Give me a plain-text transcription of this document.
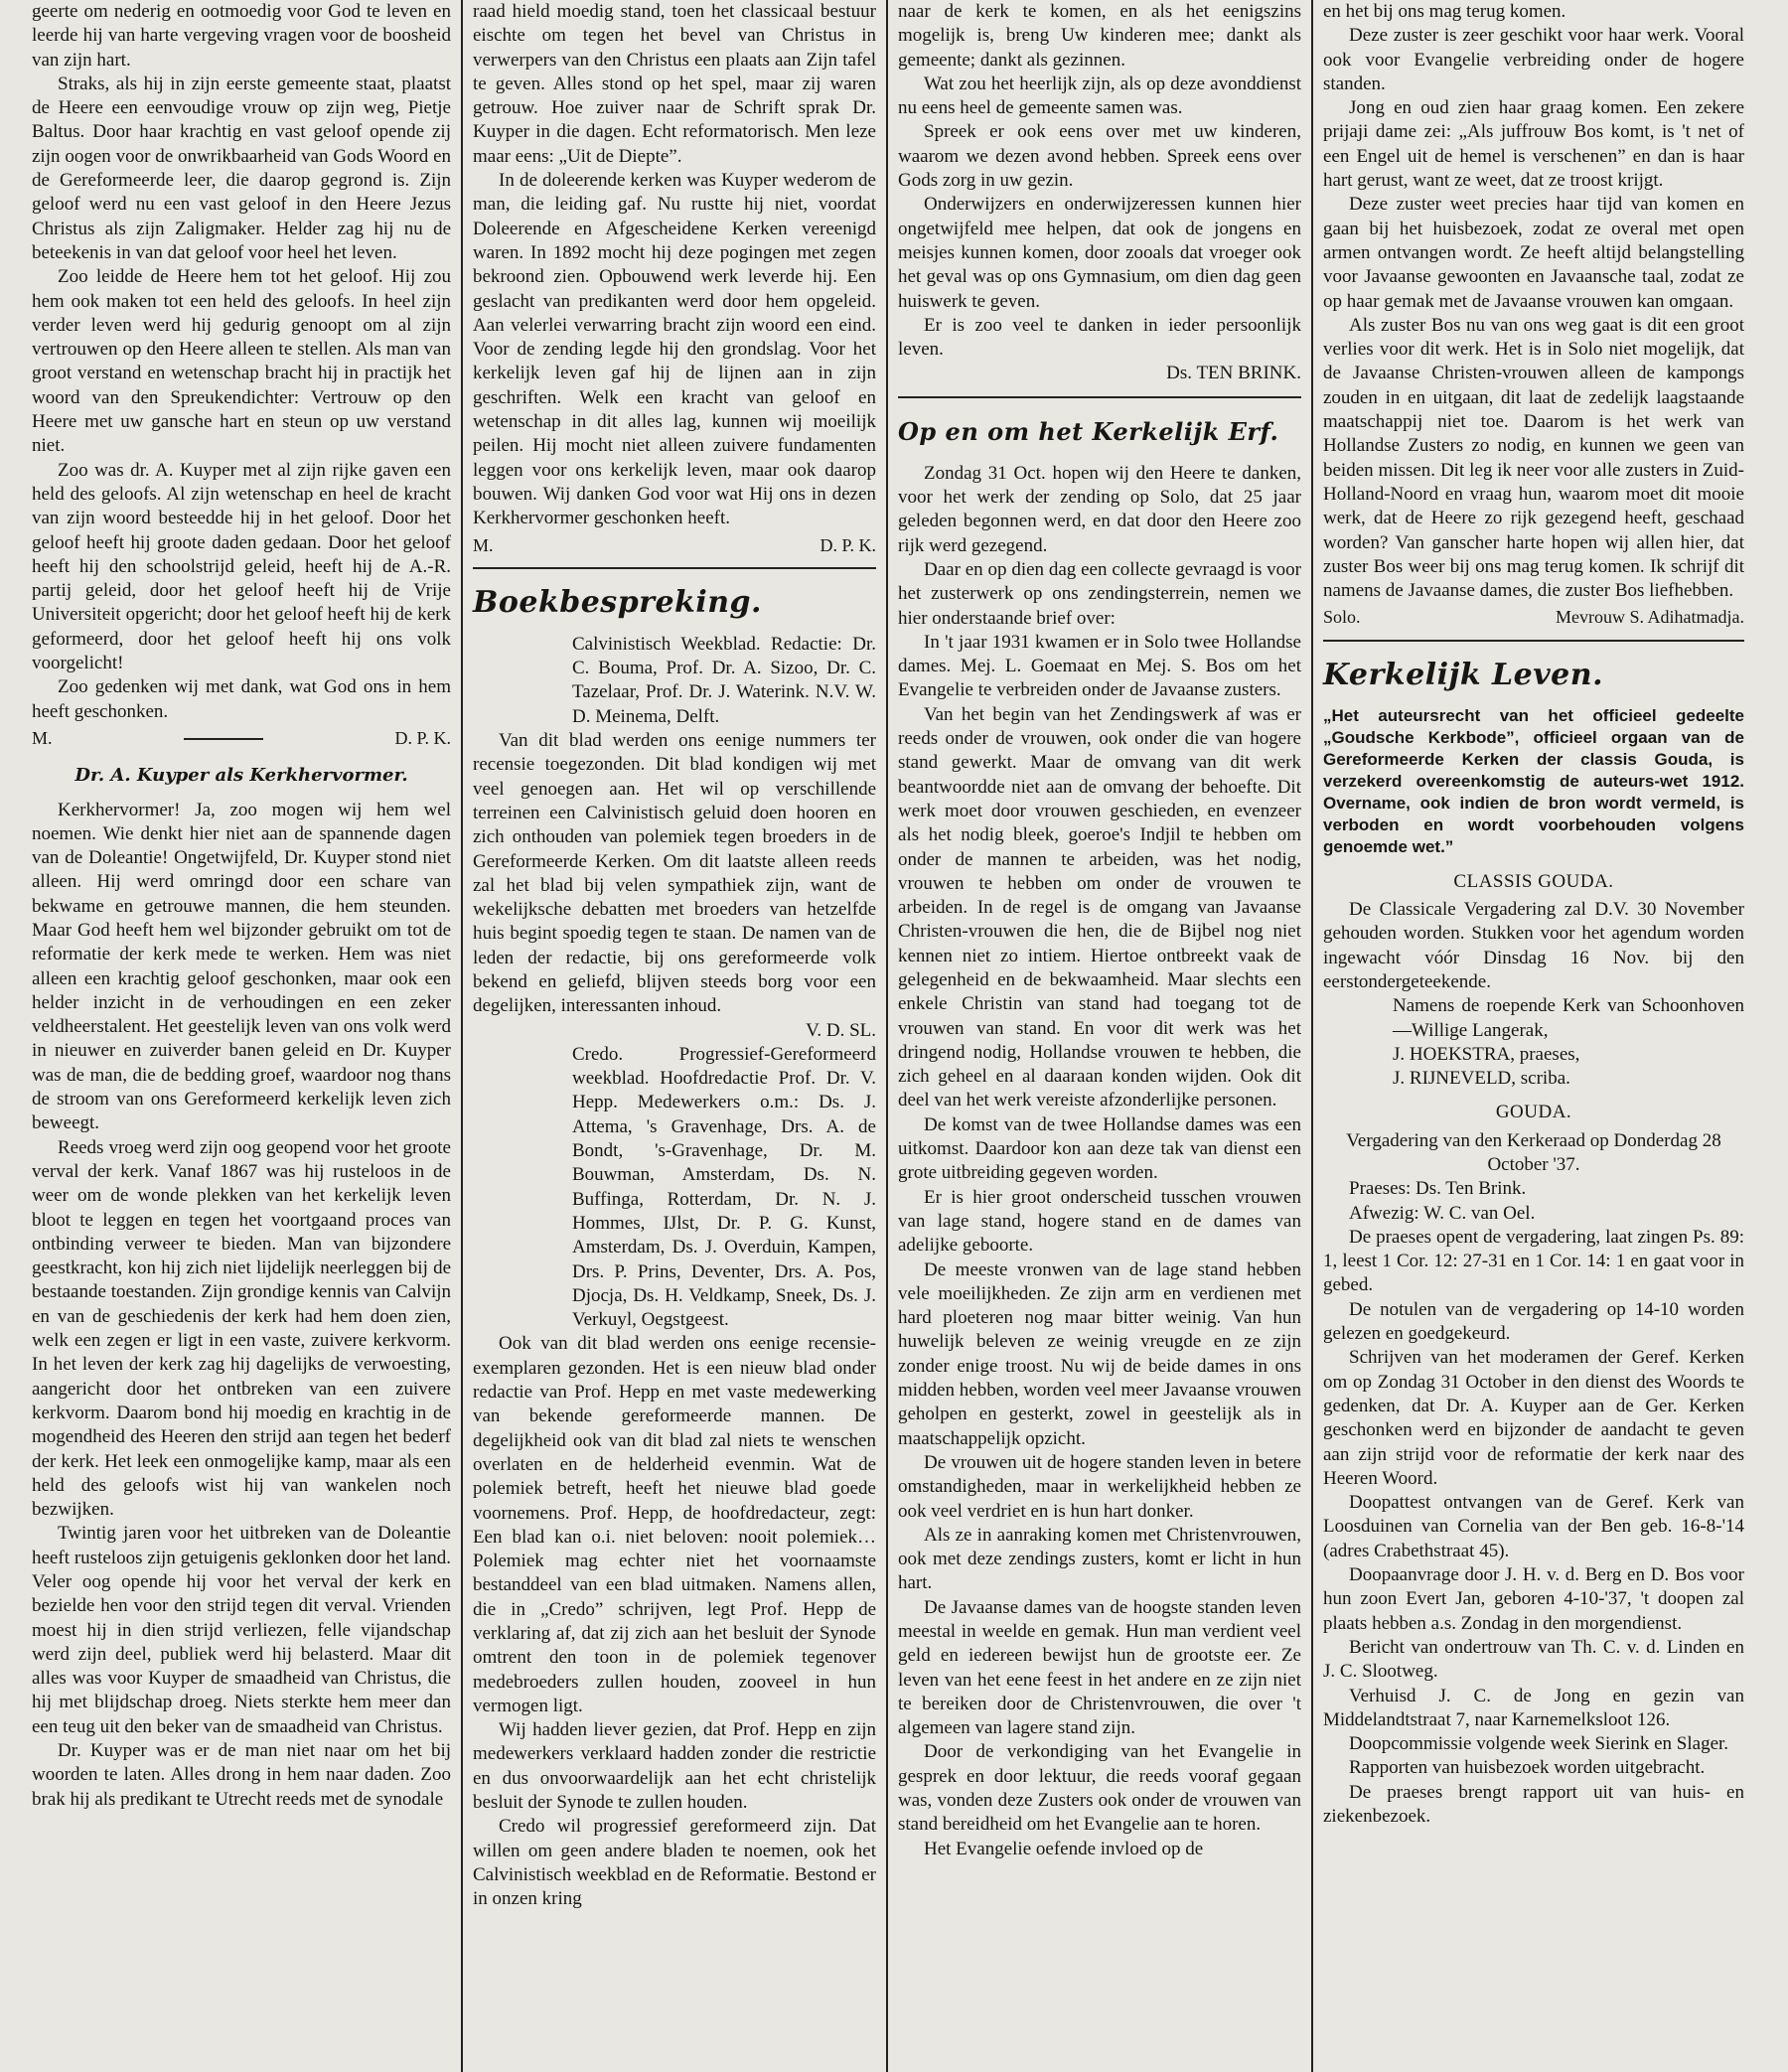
geerte om nederig en ootmoedig voor God te leven en leerde hij van harte vergeving vragen voor de boosheid van zijn hart.

Straks, als hij in zijn eerste gemeente staat, plaatst de Heere een eenvoudige vrouw op zijn weg, Pietje Baltus. Door haar krachtig en vast geloof opende zij zijn oogen voor de onwrikbaarheid van Gods Woord en de Gereformeerde leer, die daarop gegrond is. Zijn geloof werd nu een vast geloof in den Heere Jezus Christus als zijn Zaligmaker. Helder zag hij nu de beteekenis in van dat geloof voor heel het leven.

Zoo leidde de Heere hem tot het geloof. Hij zou hem ook maken tot een held des geloofs. In heel zijn verder leven werd hij gedurig genoopt om al zijn vertrouwen op den Heere alleen te stellen. Als man van groot verstand en wetenschap bracht hij in practijk het woord van den Spreukendichter: Vertrouw op den Heere met uw gansche hart en steun op uw verstand niet.

Zoo was dr. A. Kuyper met al zijn rijke gaven een held des geloofs. Al zijn wetenschap en heel de kracht van zijn woord besteedde hij in het geloof. Door het geloof heeft hij groote daden gedaan. Door het geloof heeft hij den schoolstrijd geleid, heeft hij de A.-R. partij geleid, door het geloof heeft hij de Vrije Universiteit opgericht; door het geloof heeft hij de kerk geformeerd, door het geloof heeft hij ons volk voorgelicht!

Zoo gedenken wij met dank, wat God ons in hem heeft geschonken.

M.	D. P. K.
Dr. A. Kuyper als Kerkhervormer.

Kerkhervormer! Ja, zoo mogen wij hem wel noemen. Wie denkt hier niet aan de spannende dagen van de Doleantie! Ongetwijfeld, Dr. Kuyper stond niet alleen. Hij werd omringd door een schare van bekwame en getrouwe mannen, die hem steunden. Maar God heeft hem wel bijzonder gebruikt om tot de reformatie der kerk mede te werken. Hem was niet alleen een krachtig geloof geschonken, maar ook een helder inzicht in de verhoudingen en een zeker veldheerstalent. Het geestelijk leven van ons volk werd in nieuwer en zuiverder banen geleid en Dr. Kuyper was de man, die de bedding groef, waardoor nog thans de stroom van ons Gereformeerd kerkelijk leven zich beweegt.

Reeds vroeg werd zijn oog geopend voor het groote verval der kerk. Vanaf 1867 was hij rusteloos in de weer om de wonde plekken van het kerkelijk leven bloot te leggen en tegen het voortgaand proces van ontbinding verweer te bieden. Man van bijzondere geestkracht, kon hij zich niet lijdelijk neerleggen bij de bestaande toestanden. Zijn grondige kennis van Calvijn en van de geschiedenis der kerk had hem doen zien, welk een zegen er ligt in een vaste, zuivere kerkvorm. In het leven der kerk zag hij dagelijks de verwoesting, aangericht door het ontbreken van een zuivere kerkvorm. Daarom bond hij moedig en krachtig in de mogendheid des Heeren den strijd aan tegen het bederf der kerk. Het leek een onmogelijke kamp, maar als een held des geloofs wist hij van wankelen noch bezwijken.

Twintig jaren voor het uitbreken van de Doleantie heeft rusteloos zijn getuigenis geklonken door het land. Veler oog opende hij voor het verval der kerk en bezielde hen voor den strijd tegen dit verval. Vrienden moest hij in dien strijd verliezen, felle vijandschap werd zijn deel, publiek werd hij belasterd. Maar dit alles was voor Kuyper de smaadheid van Christus, die hij met blijdschap droeg. Niets sterkte hem meer dan een teug uit den beker van de smaadheid van Christus.

Dr. Kuyper was er de man niet naar om het bij woorden te laten. Alles drong in hem naar daden. Zoo brak hij als predikant te Utrecht reeds met de synodale

raad hield moedig stand, toen het classicaal bestuur eischte om tegen het bevel van Christus in verwerpers van den Christus een plaats aan Zijn tafel te geven. Alles stond op het spel, maar zij waren getrouw. Hoe zuiver naar de Schrift sprak Dr. Kuyper in die dagen. Echt reformatorisch. Men leze maar eens: „Uit de Diepte”.

In de doleerende kerken was Kuyper wederom de man, die leiding gaf. Nu rustte hij niet, voordat Doleerende en Afgescheidene Kerken vereenigd waren. In 1892 mocht hij deze pogingen met zegen bekroond zien. Opbouwend werk leverde hij. Een geslacht van predikanten werd door hem opgeleid. Aan velerlei verwarring bracht zijn woord een eind. Voor de zending legde hij den grondslag. Voor het kerkelijk leven gaf hij de lijnen aan in zijn geschriften. Welk een kracht van geloof en wetenschap in dit alles lag, kunnen wij moeilijk peilen. Hij mocht niet alleen zuivere fundamenten leggen voor ons kerkelijk leven, maar ook daarop bouwen. Wij danken God voor wat Hij ons in dezen Kerkhervormer geschonken heeft.

M.	D. P. K.
Boekbespreking.

Calvinistisch Weekblad. Redactie: Dr. C. Bouma, Prof. Dr. A. Sizoo, Dr. C. Tazelaar, Prof. Dr. J. Waterink. N.V. W. D. Meinema, Delft.

Van dit blad werden ons eenige nummers ter recensie toegezonden. Dit blad kondigen wij met veel genoegen aan. Het wil op verschillende terreinen een Calvinistisch geluid doen hooren en zich onthouden van polemiek tegen broeders in de Gereformeerde Kerken. Om dit laatste alleen reeds zal het blad bij velen sympathiek zijn, want de wekelijksche debatten met broeders van hetzelfde huis begint spoedig tegen te staan. De namen van de leden der redactie, bij ons gereformeerde volk bekend en geliefd, blijven steeds borg voor een degelijken, interessanten inhoud.

V. D. SL.

Credo. Progressief-Gereformeerd weekblad. Hoofdredactie Prof. Dr. V. Hepp. Medewerkers o.m.: Ds. J. Attema, 's Gravenhage, Drs. A. de Bondt, 's-Gravenhage, Dr. M. Bouwman, Amsterdam, Ds. N. Buffinga, Rotterdam, Dr. N. J. Hommes, IJlst, Dr. P. G. Kunst, Amsterdam, Ds. J. Overduin, Kampen, Drs. P. Prins, Deventer, Drs. A. Pos, Djocja, Ds. H. Veldkamp, Sneek, Ds. J. Verkuyl, Oegstgeest.

Ook van dit blad werden ons eenige recensie-exemplaren gezonden. Het is een nieuw blad onder redactie van Prof. Hepp en met vaste medewerking van bekende gereformeerde mannen. De degelijkheid ook van dit blad zal niets te wenschen overlaten en de helderheid evenmin. Wat de polemiek betreft, heeft het nieuwe blad goede voornemens. Prof. Hepp, de hoofdredacteur, zegt: Een blad kan o.i. niet beloven: nooit polemiek… Polemiek mag echter niet het voornaamste bestanddeel van een blad uitmaken. Namens allen, die in „Credo” schrijven, legt Prof. Hepp de verklaring af, dat zij zich aan het besluit der Synode omtrent den toon in de polemiek tegenover medebroeders zullen houden, zooveel in hun vermogen ligt.

Wij hadden liever gezien, dat Prof. Hepp en zijn medewerkers verklaard hadden zonder die restrictie en dus onvoorwaardelijk aan het echt christelijk besluit der Synode te zullen houden.

Credo wil progressief gereformeerd zijn. Dat willen om geen andere bladen te noemen, ook het Calvinistisch weekblad en de Reformatie. Bestond er in onzen kring

naar de kerk te komen, en als het eenigszins mogelijk is, breng Uw kinderen mee; dankt als gemeente; dankt als gezinnen.

Wat zou het heerlijk zijn, als op deze avonddienst nu eens heel de gemeente samen was.

Spreek er ook eens over met uw kinderen, waarom we dezen avond hebben. Spreek eens over Gods zorg in uw gezin.

Onderwijzers en onderwijzeressen kunnen hier ongetwijfeld mee helpen, dat ook de jongens en meisjes kunnen komen, door zooals dat vroeger ook het geval was op ons Gymnasium, om dien dag geen huiswerk te geven.

Er is zoo veel te danken in ieder persoonlijk leven.

Ds. TEN BRINK.
Op en om het Kerkelijk Erf.

Zondag 31 Oct. hopen wij den Heere te danken, voor het werk der zending op Solo, dat 25 jaar geleden begonnen werd, en dat door den Heere zoo rijk werd gezegend.

Daar en op dien dag een collecte gevraagd is voor het zusterwerk op ons zendingsterrein, nemen we hier onderstaande brief over:

In 't jaar 1931 kwamen er in Solo twee Hollandse dames. Mej. L. Goemaat en Mej. S. Bos om het Evangelie te verbreiden onder de Javaanse zusters.

Van het begin van het Zendingswerk af was er reeds onder de vrouwen, ook onder die van hogere stand gewerkt. Maar de omvang van dit werk beantwoordde niet aan de omvang der behoefte. Dit werk moet door vrouwen geschieden, en evenzeer als het nodig bleek, goeroe's Indjil te hebben om onder de mannen te arbeiden, was het nodig, vrouwen te hebben om onder de vrouwen te arbeiden. In de regel is de omgang van Javaanse Christen-vrouwen die hen, die de Bijbel nog niet kennen niet zo intiem. Hiertoe ontbreekt vaak de gelegenheid en de bekwaamheid. Maar slechts een enkele Christin van stand had toegang tot de vrouwen van stand. En voor dit werk was het dringend nodig, Hollandse vrouwen te hebben, die zich geheel en al daaraan konden wijden. Ook dit deel van het werk vereiste afzonderlijke personen.

De komst van de twee Hollandse dames was een uitkomst. Daardoor kon aan deze tak van dienst een grote uitbreiding gegeven worden.

Er is hier groot onderscheid tusschen vrouwen van lage stand, hogere stand en de dames van adelijke geboorte.

De meeste vronwen van de lage stand hebben vele moeilijkheden. Ze zijn arm en verdienen met hard ploeteren nog maar bitter weinig. Van hun huwelijk beleven ze weinig vreugde en ze zijn zonder enige troost. Nu wij de beide dames in ons midden hebben, worden veel meer Javaanse vrouwen geholpen en gesterkt, zowel in geestelijk als in maatschappelijk opzicht.

De vrouwen uit de hogere standen leven in betere omstandigheden, maar in werkelijkheid hebben ze ook veel verdriet en is hun hart donker.

Als ze in aanraking komen met Christenvrouwen, ook met deze zendings zusters, komt er licht in hun hart.

De Javaanse dames van de hoogste standen leven meestal in weelde en gemak. Hun man verdient veel geld en iedereen bewijst hun de grootste eer. Ze leven van het eene feest in het andere en ze zijn niet te bereiken door de Christenvrouwen, die over 't algemeen van lagere stand zijn.

Door de verkondiging van het Evangelie in gesprek en door lektuur, die reeds vooraf gegaan was, vonden deze Zusters ook onder de vrouwen van stand bereidheid om het Evangelie aan te horen.

Het Evangelie oefende invloed op de

en het bij ons mag terug komen.

Deze zuster is zeer geschikt voor haar werk. Vooral ook voor Evangelie verbreiding onder de hogere standen.

Jong en oud zien haar graag komen. Een zekere prijaji dame zei: „Als juffrouw Bos komt, is 't net of een Engel uit de hemel is verschenen” en dan is haar hart gerust, want ze weet, dat ze troost krijgt.

Deze zuster weet precies haar tijd van komen en gaan bij het huisbezoek, zodat ze overal met open armen ontvangen wordt. Ze heeft altijd belangstelling voor Javaanse gewoonten en Javaansche taal, zodat ze op haar gemak met de Javaanse vrouwen kan omgaan.

Als zuster Bos nu van ons weg gaat is dit een groot verlies voor dit werk. Het is in Solo niet mogelijk, dat de Javaanse Christen-vrouwen alleen de kampongs zouden in en uitgaan, dit laat de zedelijk laagstaande maatschappij niet toe. Daarom is het werk van Hollandse Zusters zo nodig, en kunnen we geen van beiden missen. Dit leg ik neer voor alle zusters in Zuid-Holland-Noord en vraag hun, waarom moet dit mooie werk, dat de Heere zo rijk gezegend heeft, geschaad worden? Van ganscher harte hopen wij allen hier, dat zuster Bos weer bij ons mag terug komen. Ik schrijf dit namens de Javaanse dames, die zuster Bos liefhebben.

Solo.	Mevrouw S. Adihatmadja.
Kerkelijk Leven.
„Het auteursrecht van het officieel gedeelte „Goudsche Kerkbode”, officieel orgaan van de Gereformeerde Kerken der classis Gouda, is verzekerd overeenkomstig de auteurs-wet 1912. Overname, ook indien de bron wordt vermeld, is verboden en wordt voorbehouden volgens genoemde wet.”
CLASSIS GOUDA.

De Classicale Vergadering zal D.V. 30 November gehouden worden. Stukken voor het agendum worden ingewacht vóór Dinsdag 16 Nov. bij den eerstondergeteekende.

Namens de roepende Kerk van Schoonhoven—Willige Langerak,

J. HOEKSTRA, praeses,

J. RIJNEVELD, scriba.

GOUDA.

Vergadering van den Kerkeraad op Donderdag 28 October '37.

Praeses: Ds. Ten Brink.

Afwezig: W. C. van Oel.

De praeses opent de vergadering, laat zingen Ps. 89: 1, leest 1 Cor. 12: 27-31 en 1 Cor. 14: 1 en gaat voor in gebed.

De notulen van de vergadering op 14-10 worden gelezen en goedgekeurd.

Schrijven van het moderamen der Geref. Kerken om op Zondag 31 October in den dienst des Woords te gedenken, dat Dr. A. Kuyper aan de Ger. Kerken geschonken werd en bijzonder de aandacht te geven aan zijn strijd voor de reformatie der kerk naar des Heeren Woord.

Doopattest ontvangen van de Geref. Kerk van Loosduinen van Cornelia van der Ben geb. 16-8-'14 (adres Crabethstraat 45).

Doopaanvrage door J. H. v. d. Berg en D. Bos voor hun zoon Evert Jan, geboren 4-10-'37, 't doopen zal plaats hebben a.s. Zondag in den morgendienst.

Bericht van ondertrouw van Th. C. v. d. Linden en J. C. Slootweg.

Verhuisd J. C. de Jong en gezin van Middelandtstraat 7, naar Karnemelksloot 126.

Doopcommissie volgende week Sierink en Slager.

Rapporten van huisbezoek worden uitgebracht.

De praeses brengt rapport uit van huis- en ziekenbezoek.
